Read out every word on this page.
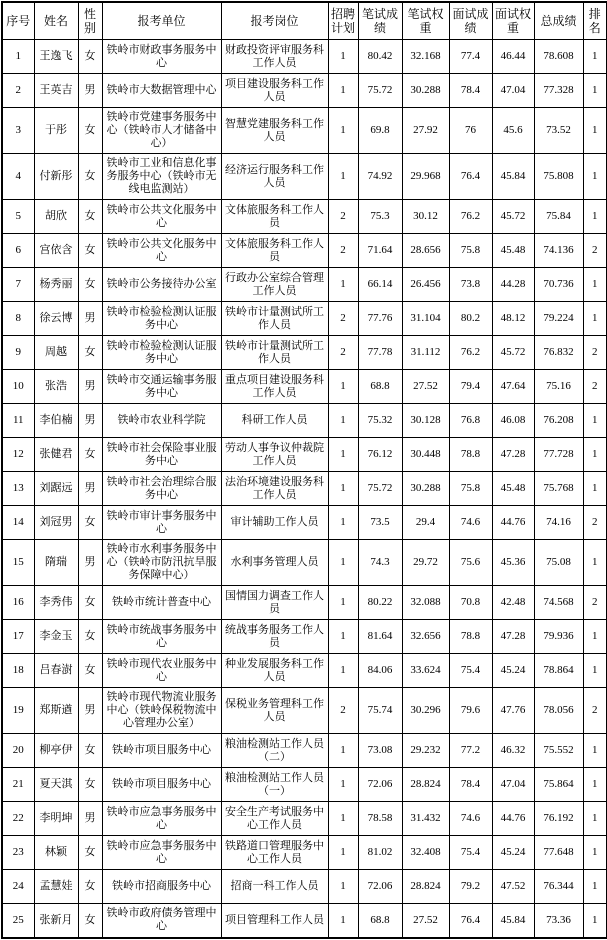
序号	姓名	性别	报考单位	报考岗位	招聘计划	笔试成绩	笔试权重	面试成绩	面试权重	总成绩	排名
1	王逸飞	女	铁岭市财政事务服务中心	财政投资评审服务科工作人员	1	80.42	32.168	77.4	46.44	78.608	1
2	王英吉	男	铁岭市大数据管理中心	项目建设服务科工作人员	1	75.72	30.288	78.4	47.04	77.328	1
3	于彤	女	铁岭市党建事务服务中心（铁岭市人才储备中心）	智慧党建服务科工作人员	1	69.8	27.92	76	45.6	73.52	1
4	付新彤	女	铁岭市工业和信息化事务服务中心（铁岭市无线电监测站）	经济运行服务科工作人员	1	74.92	29.968	76.4	45.84	75.808	1
5	胡欣	女	铁岭市公共文化服务中心	文体旅服务科工作人员	2	75.3	30.12	76.2	45.72	75.84	1
6	宫依含	女	铁岭市公共文化服务中心	文体旅服务科工作人员	2	71.64	28.656	75.8	45.48	74.136	2
7	杨秀丽	女	铁岭市公务接待办公室	行政办公室综合管理工作人员	1	66.14	26.456	73.8	44.28	70.736	1
8	徐云博	男	铁岭市检验检测认证服务中心	铁岭市计量测试所工作人员	2	77.76	31.104	80.2	48.12	79.224	1
9	周越	女	铁岭市检验检测认证服务中心	铁岭市计量测试所工作人员	2	77.78	31.112	76.2	45.72	76.832	2
10	张浩	男	铁岭市交通运输事务服务中心	重点项目建设服务科工作人员	1	68.8	27.52	79.4	47.64	75.16	2
11	李伯楠	男	铁岭市农业科学院	科研工作人员	1	75.32	30.128	76.8	46.08	76.208	1
12	张健君	女	铁岭市社会保险事业服务中心	劳动人事争议仲裁院工作人员	1	76.12	30.448	78.8	47.28	77.728	1
13	刘踞远	男	铁岭市社会治理综合服务中心	法治环境建设服务科工作人员	1	75.72	30.288	75.8	45.48	75.768	1
14	刘冠男	女	铁岭市审计事务服务中心	审计辅助工作人员	1	73.5	29.4	74.6	44.76	74.16	2
15	隋瑞	男	铁岭市水利事务服务中心（铁岭市防汛抗旱服务保障中心）	水利事务管理人员	1	74.3	29.72	75.6	45.36	75.08	1
16	李秀伟	女	铁岭市统计普查中心	国情国力调查工作人员	1	80.22	32.088	70.8	42.48	74.568	2
17	李金玉	女	铁岭市统战事务服务中心	统战事务服务工作人员	1	81.64	32.656	78.8	47.28	79.936	1
18	吕春澍	女	铁岭市现代农业服务中心	种业发展服务科工作人员	1	84.06	33.624	75.4	45.24	78.864	1
19	郑斯遒	男	铁岭市现代物流业服务中心（铁岭保税物流中心管理办公室）	保税业务管理科工作人员	2	75.74	30.296	79.6	47.76	78.056	2
20	柳亭伊	女	铁岭市项目服务中心	粮油检测站工作人员（二）	1	73.08	29.232	77.2	46.32	75.552	1
21	夏天淇	女	铁岭市项目服务中心	粮油检测站工作人员（一）	1	72.06	28.824	78.4	47.04	75.864	1
22	李明坤	男	铁岭市应急事务服务中心	安全生产考试服务中心工作人员	1	78.58	31.432	74.6	44.76	76.192	1
23	林颖	女	铁岭市应急事务服务中心	铁路道口管理服务中心工作人员	1	81.02	32.408	75.4	45.24	77.648	1
24	孟慧娃	女	铁岭市招商服务中心	招商一科工作人员	1	72.06	28.824	79.2	47.52	76.344	1
25	张新月	女	铁岭市政府债务管理中心	项目管理科工作人员	1	68.8	27.52	76.4	45.84	73.36	1
